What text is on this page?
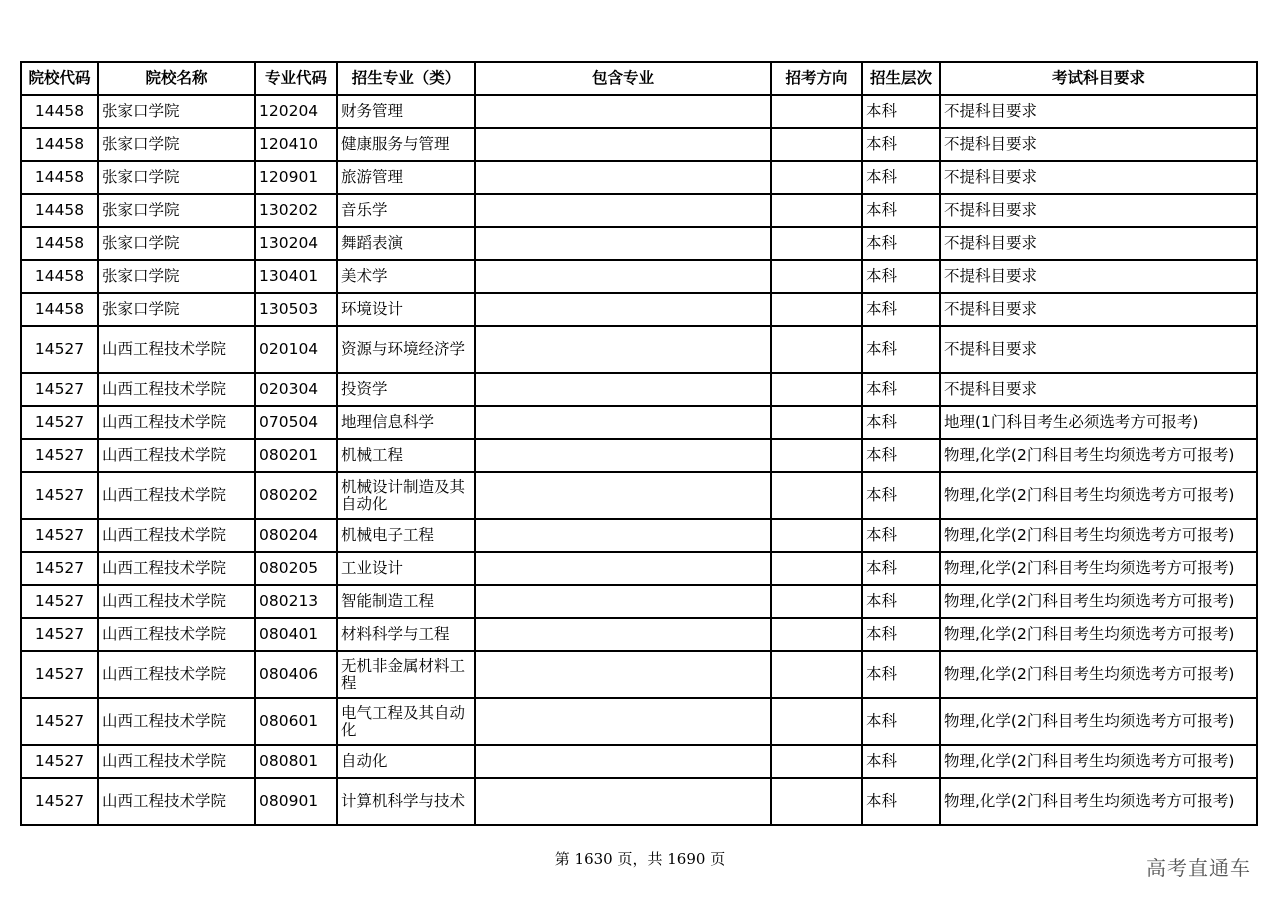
院校代码	院校名称	专业代码	招生专业（类）	包含专业	招考方向	招生层次	考试科目要求
14458	张家口学院	120204	财务管理			本科	不提科目要求
14458	张家口学院	120410	健康服务与管理			本科	不提科目要求
14458	张家口学院	120901	旅游管理			本科	不提科目要求
14458	张家口学院	130202	音乐学			本科	不提科目要求
14458	张家口学院	130204	舞蹈表演			本科	不提科目要求
14458	张家口学院	130401	美术学			本科	不提科目要求
14458	张家口学院	130503	环境设计			本科	不提科目要求
14527	山西工程技术学院	020104	资源与环境经济学			本科	不提科目要求
14527	山西工程技术学院	020304	投资学			本科	不提科目要求
14527	山西工程技术学院	070504	地理信息科学			本科	地理(1门科目考生必须选考方可报考)
14527	山西工程技术学院	080201	机械工程			本科	物理,化学(2门科目考生均须选考方可报考)
14527	山西工程技术学院	080202	机械设计制造及其自动化			本科	物理,化学(2门科目考生均须选考方可报考)
14527	山西工程技术学院	080204	机械电子工程			本科	物理,化学(2门科目考生均须选考方可报考)
14527	山西工程技术学院	080205	工业设计			本科	物理,化学(2门科目考生均须选考方可报考)
14527	山西工程技术学院	080213	智能制造工程			本科	物理,化学(2门科目考生均须选考方可报考)
14527	山西工程技术学院	080401	材料科学与工程			本科	物理,化学(2门科目考生均须选考方可报考)
14527	山西工程技术学院	080406	无机非金属材料工程			本科	物理,化学(2门科目考生均须选考方可报考)
14527	山西工程技术学院	080601	电气工程及其自动化			本科	物理,化学(2门科目考生均须选考方可报考)
14527	山西工程技术学院	080801	自动化			本科	物理,化学(2门科目考生均须选考方可报考)
14527	山西工程技术学院	080901	计算机科学与技术			本科	物理,化学(2门科目考生均须选考方可报考)
第 1630 页，共 1690 页	高考直通车
